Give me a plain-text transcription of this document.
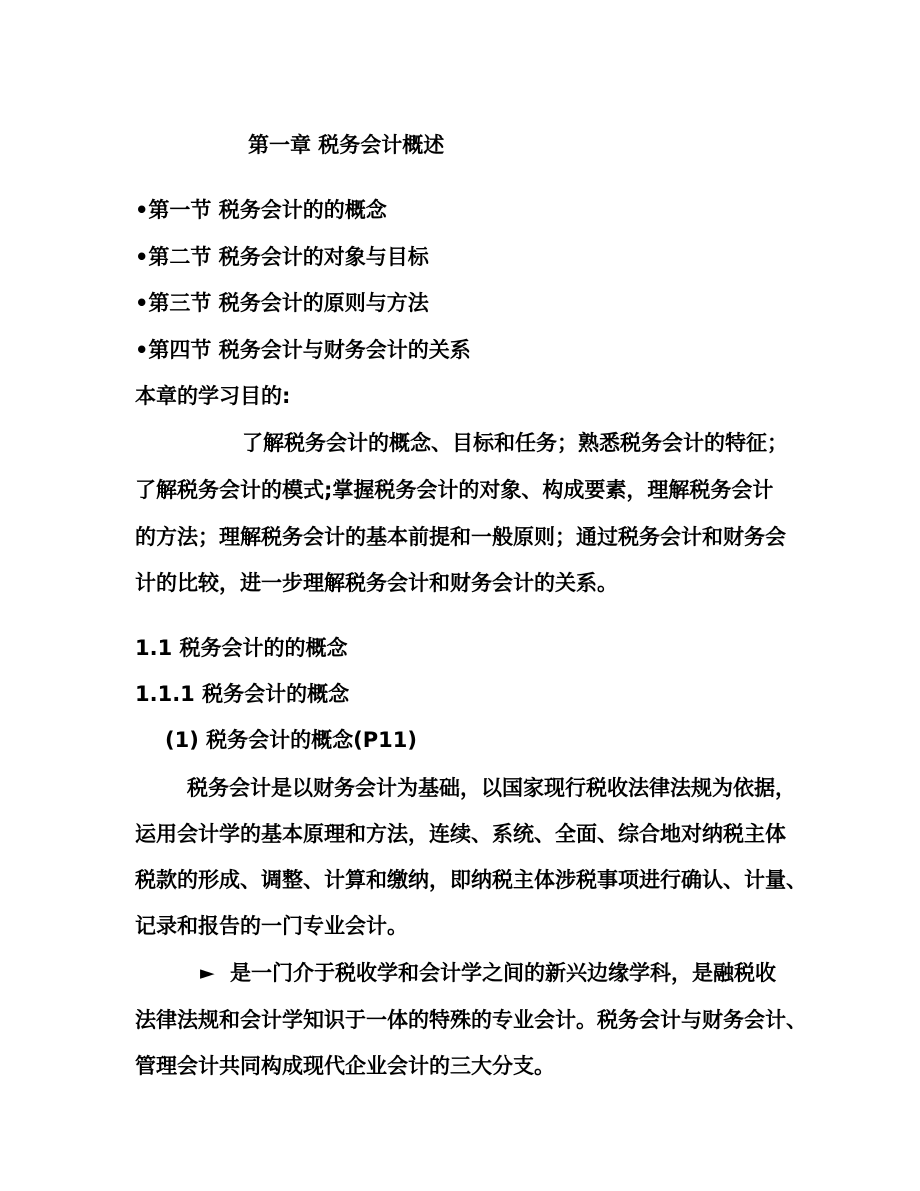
第一章 税务会计概述
•第一节 税务会计的的概念
•第二节 税务会计的对象与目标
•第三节 税务会计的原则与方法
•第四节 税务会计与财务会计的关系
本章的学习目的:
了解税务会计的概念、目标和任务；熟悉税务会计的特征；
了解税务会计的模式;掌握税务会计的对象、构成要素，理解税务会计
的方法；理解税务会计的基本前提和一般原则；通过税务会计和财务会
计的比较，进一步理解税务会计和财务会计的关系。
1.1 税务会计的的概念
1.1.1 税务会计的概念
(1) 税务会计的概念(P11)
税务会计是以财务会计为基础，以国家现行税收法律法规为依据，
运用会计学的基本原理和方法，连续、系统、全面、综合地对纳税主体
税款的形成、调整、计算和缴纳，即纳税主体涉税事项进行确认、计量、
记录和报告的一门专业会计。
► 是一门介于税收学和会计学之间的新兴边缘学科，是融税收
法律法规和会计学知识于一体的特殊的专业会计。税务会计与财务会计、
管理会计共同构成现代企业会计的三大分支。
